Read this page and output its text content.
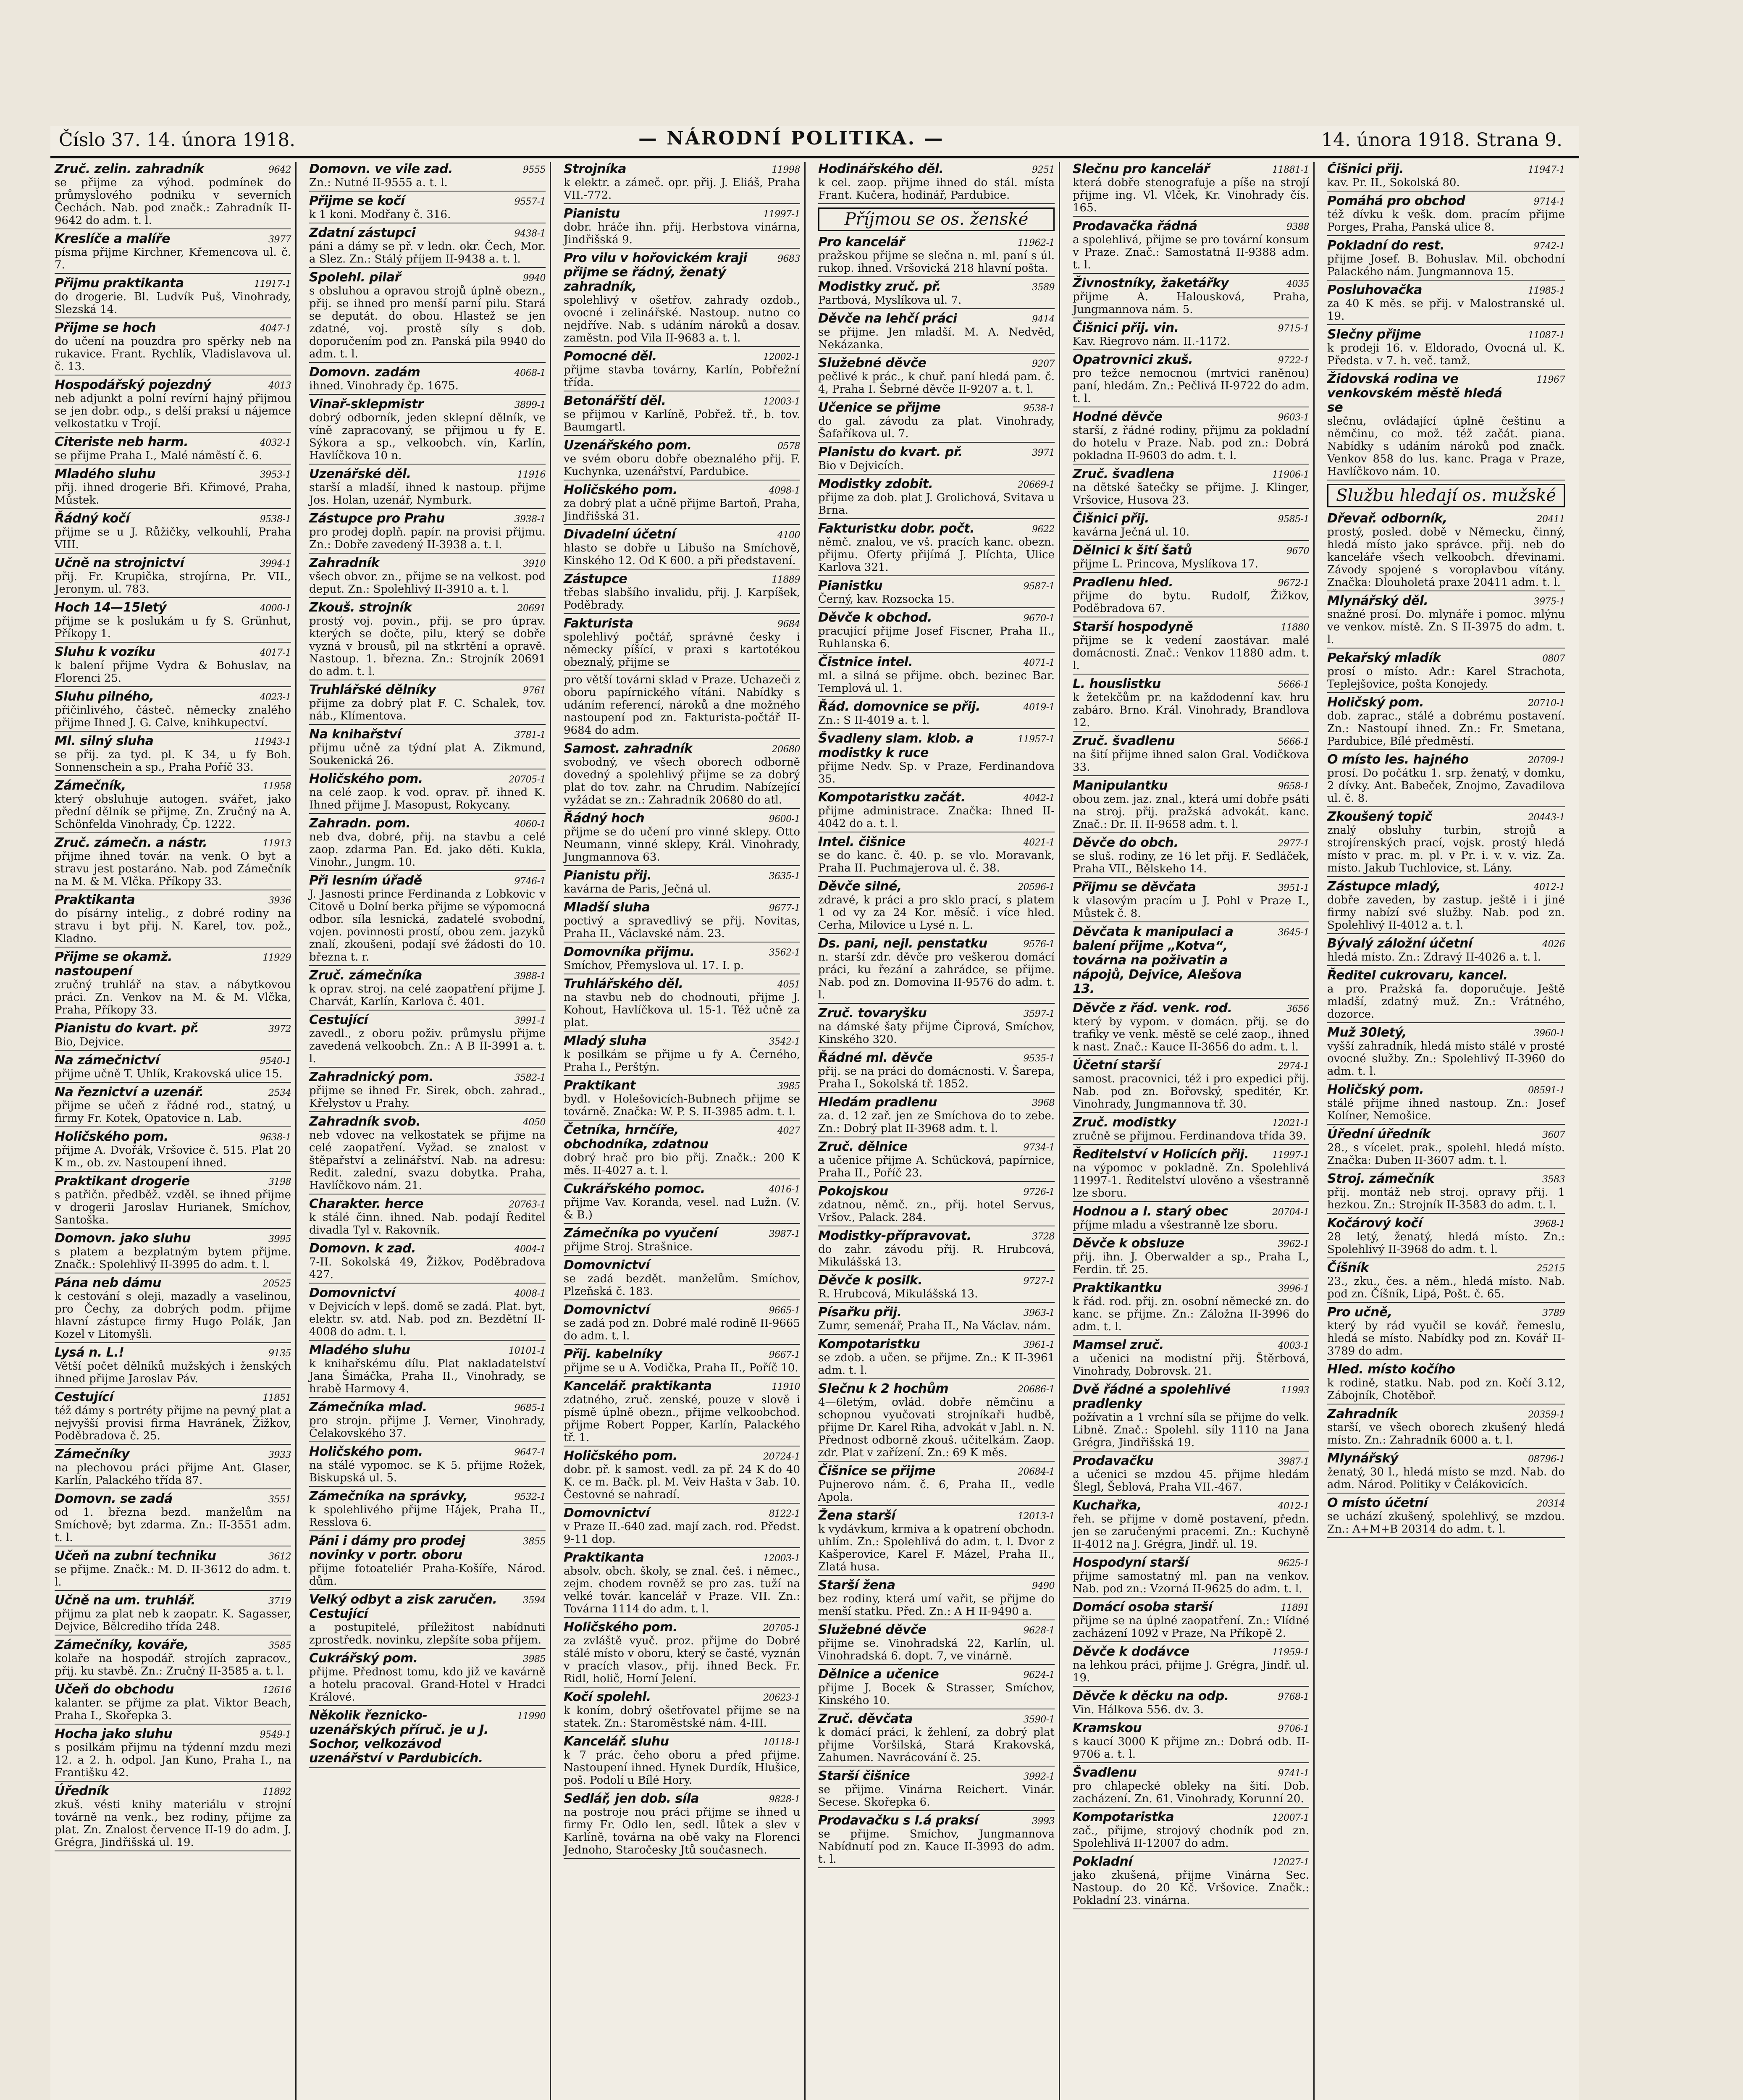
Číslo 37. 14. února 1918.	— NÁRODNÍ POLITIKA. —	14. února 1918. Strana 9.
Zruč. zelin. zahradník	9642
se přijme za výhod. podmínek do průmyslového podniku v severních Čechách. Nab. pod značk.: Zahradník II-9642 do adm. t. l.
Kreslíče a malíře	3977
písma přijme Kirchner, Křemencova ul. č. 7.
Přijmu praktikanta	11917-1
do drogerie. Bl. Ludvík Puš, Vinohrady, Slezská 14.
Přijme se hoch	4047-1
do učení na pouzdra pro spěrky neb na rukavice. Frant. Rychlík, Vladislavova ul. č. 13.
Hospodářský pojezdný	4013
neb adjunkt a polní revírní hajný přijmou se jen dobr. odp., s delší praksí u nájemce velkostatku v Trojí.
Citeriste neb harm.	4032-1
se přijme Praha I., Malé náměstí č. 6.
Mladého sluhu	3953-1
přij. ihned drogerie Bři. Křimové, Praha, Můstek.
Řádný kočí	9538-1
přijme se u J. Růžičky, velkouhlí, Praha VIII.
Učně na strojnictví	3994-1
přij. Fr. Krupička, strojírna, Pr. VII., Jeronym. ul. 783.
Hoch 14—15letý	4000-1
přijme se k poslukám u fy S. Grünhut, Příkopy 1.
Sluhu k vozíku	4017-1
k balení přijme Vydra & Bohuslav, na Florenci 25.
Sluhu pilného,	4023-1
přičinlivého, částeč. německy znalého přijme Ihned J. G. Calve, knihkupectví.
Ml. silný sluha	11943-1
se přij. za tyd. pl. K 34, u fy Boh. Sonnenschein a sp., Praha Poříč 33.
Zámečník,	11958
který obsluhuje autogen. svářet, jako přední dělník se přijme. Zn. Zručný na A. Schönfelda Vinohrady, Čp. 1222.
Zruč. zámečn. a nástr.	11913
přijme ihned továr. na venk. O byt a stravu jest postaráno. Nab. pod Zámečník na M. & M. Vlčka. Příkopy 33.
Praktikanta	3936
do písárny intelig., z dobré rodiny na stravu i byt přij. N. Karel, tov. pož., Kladno.
Přijme se okamž. nastoupení
11929
zručný truhlář na stav. a nábytkovou práci. Zn. Venkov na M. & M. Vlčka, Praha, Příkopy 33.
Pianistu do kvart. př.	3972
Bio, Dejvice.
Na zámečnictví	9540-1
přijme učně T. Uhlík, Krakovská ulice 15.
Na řeznictví a uzenář.	2534
přijme se učeň z řádné rod., statný, u firmy Fr. Kotek, Opatovice n. Lab.
Holičského pom.	9638-1
přijme A. Dvořák, Vršovice č. 515. Plat 20 K m., ob. zv. Nastoupení ihned.
Praktikant drogerie	3198
s patřičn. předběž. vzděl. se ihned přijme v drogerii Jaroslav Hurianek, Smíchov, Santoška.
Domovn. jako sluhu	3995
s platem a bezplatným bytem přijme. Značk.: Spolehlivý II-3995 do adm. t. l.
Pána neb dámu	20525
k cestování s oleji, mazadly a vaselinou, pro Čechy, za dobrých podm. přijme hlavní zástupce firmy Hugo Polák, Jan Kozel v Litomyšli.
Lysá n. L.!	9135
Větší počet dělníků mužských i ženských ihned přijme Jaroslav Páv.
Cestující	11851
též dámy s portréty přijme na pevný plat a nejvyšší provisi firma Havránek, Žižkov, Poděbradova č. 25.
Zámečníky	3933
na plechovou práci přijme Ant. Glaser, Karlín, Palackého třída 87.
Domovn. se zadá	3551
od 1. března bezd. manželům na Smíchově; byt zdarma. Zn.: II-3551 adm. t. l.
Učeň na zubní techniku	3612
se přijme. Značk.: M. D. II-3612 do adm. t. l.
Učně na um. truhlář.	3719
přijmu za plat neb k zaopatr. K. Sagasser, Dejvice, Bělcrediho třída 248.
Zámečníky, kováře,	3585
kolaře na hospodář. strojích zapracov., přij. ku stavbě. Zn.: Zručný II-3585 a. t. l.
Učeň do obchodu	12616
kalanter. se přijme za plat. Viktor Beach, Praha I., Skořepka 3.
Hocha jako sluhu	9549-1
s posilkám přijmu na týdenní mzdu mezi 12. a 2. h. odpol. Jan Kuno, Praha I., na Františku 42.
Úředník	11892
zkuš. vésti knihy materiálu v strojní továrně na venk., bez rodiny, přijme za plat. Zn. Znalost července II-19 do adm. J. Grégra, Jindřišská ul. 19.
Domovn. ve vile zad.	9555
Zn.: Nutné II-9555 a. t. l.
Přijme se kočí	9557-1
k 1 koni. Modřany č. 316.
Zdatní zástupci	9438-1
páni a dámy se př. v ledn. okr. Čech, Mor. a Slez. Zn.: Stálý příjem II-9438 a. t. l.
Spolehl. pilař	9940
s obsluhou a opravou strojů úplně obezn., přij. se ihned pro menší parní pilu. Stará se deputát. do obou. Hlastež se jen zdatné, voj. prostě síly s dob. doporučením pod zn. Panská pila 9940 do adm. t. l.
Domovn. zadám	4068-1
ihned. Vinohrady čp. 1675.
Vinař-sklepmistr	3899-1
dobrý odborník, jeden sklepní dělník, ve víně zapracovaný, se přijmou u fy E. Sýkora a sp., velkoobch. vín, Karlín, Havlíčkova 10 n.
Uzenářské děl.	11916
starší a mladší, ihned k nastoup. přijme Jos. Holan, uzenář, Nymburk.
Zástupce pro Prahu	3938-1
pro prodej doplň. papír. na provisi přijmu. Zn.: Dobře zavedený II-3938 a. t. l.
Zahradník	3910
všech obvor. zn., přijme se na velkost. pod deput. Zn.: Spolehlivý II-3910 a. t. l.
Zkouš. strojník	20691
prostý voj. povin., přij. se pro úprav. kterých se dočte, pilu, který se dobře vyzná v brousů, pil na stkrtění a opravě. Nastoup. 1. března. Zn.: Strojník 20691 do adm. t. l.
Truhlářské dělníky	9761
přijme za dobrý plat F. C. Schalek, tov. náb., Klímentova.
Na knihařství	3781-1
přijmu učně za týdní plat A. Zikmund, Soukenická 26.
Holičského pom.	20705-1
na celé zaop. k vod. oprav. př. ihned K. Ihned přijme J. Masopust, Rokycany.
Zahradn. pom.	4060-1
neb dva, dobré, přij. na stavbu a celé zaop. zdarma Pan. Ed. jako děti. Kukla, Vinohr., Jungm. 10.
Při lesním úřadě	9746-1
J. Jasnosti prince Ferdinanda z Lobkovic v Citově u Dolní berka přijme se výpomocná odbor. síla lesnická, zadatelé svobodní, vojen. povinnosti prostí, obou zem. jazyků znalí, zkoušeni, podají své žádosti do 10. března t. r.
Zruč. zámečníka	3988-1
k oprav. stroj. na celé zaopatření přijme J. Charvát, Karlín, Karlova č. 401.
Cestující	3991-1
zavedl., z oboru poživ. průmyslu přijme zavedená velkoobch. Zn.: A B II-3991 a. t. l.
Zahradnický pom.	3582-1
přijme se ihned Fr. Sirek, obch. zahrad., Křelystov u Prahy.
Zahradník svob.	4050
neb vdovec na velkostatek se přijme na celé zaopatření. Vyžad. se znalost v štěpařství a zelinářství. Nab. na adresu: Redit. zalední, svazu dobytka. Praha, Havlíčkovo nám. 21.
Charakter. herce	20763-1
k stálé činn. ihned. Nab. podají Ředitel divadla Tyl v. Rakovník.
Domovn. k zad.	4004-1
7-II. Sokolská 49, Žižkov, Poděbradova 427.
Domovnictví	4008-1
v Dejvicích v lepš. domě se zadá. Plat. byt, elektr. sv. atd. Nab. pod zn. Bezdětní II-4008 do adm. t. l.
Mladého sluhu	10101-1
k knihařskému dílu. Plat nakladatelství Jana Šimáčka, Praha II., Vinohrady, se hrabě Harmovy 4.
Zámečníka mlad.	9685-1
pro strojn. přijme J. Verner, Vinohrady, Čelakovského 37.
Holičského pom.	9647-1
na stálé vypomoc. se K 5. přijme Rožek, Biskupská ul. 5.
Zámečníka na správky,	9532-1
k spolehlivého přijme Hájek, Praha II., Resslova 6.
Páni i dámy pro prodej novinky v portr. oboru
3855
přijme fotoateliér Praha-Košíře, Národ. dům.
Velký odbyt a zisk zaručen. Cestující
3594
a postupitelé, příležitost nabídnuti zprostředk. novinku, zlepšíte soba příjem.
Cukrářský pom.	3985
přijme. Přednost tomu, kdo již ve kavárně a hotelu pracoval. Grand-Hotel v Hradci Králové.
Několik řeznicko-uzenářských příruč. je u J. Sochor, velkozávod uzenářství v Pardubicích.
11990
Strojníka	11998
k elektr. a zámeč. opr. přij. J. Eliáš, Praha VII.-772.
Pianistu	11997-1
dobr. hráče ihn. přij. Herbstova vinárna, Jindřišská 9.
Pro vilu v hořovickém kraji přijme se řádný, ženatý zahradník,
9683
spolehlivý v ošetřov. zahrady ozdob., ovocné i zelinářské. Nastoup. nutno co nejdříve. Nab. s udáním nároků a dosav. zaměstn. pod Vila II-9683 a. t. l.
Pomocné děl.	12002-1
přijme stavba továrny, Karlín, Pobřežní třída.
Betonářští děl.	12003-1
se přijmou v Karlíně, Pobřež. tř., b. tov. Baumgartl.
Uzenářského pom.	0578
ve svém oboru dobře obeznalého přij. F. Kuchynka, uzenářství, Pardubice.
Holičského pom.	4098-1
za dobrý plat a učně přijme Bartoň, Praha, Jindřišská 31.
Divadelní účetní	4100
hlasto se dobře u Libušo na Smíchově, Kinského 12. Od K 600. a při představení.
Zástupce	11889
třebas slabšího invalidu, přij. J. Karpíšek, Poděbrady.
Fakturista	9684
spolehlivý počtář, správné česky i německy píšící, v praxi s kartotékou obeznalý, přijme se
pro větší továrni sklad v Praze. Uchazeči z oboru papírnického vítáni. Nabídky s udáním referencí, nároků a dne možného nastoupení pod zn. Fakturista-počtář II-9684 do adm.
Samost. zahradník	20680
svobodný, ve všech oborech odborně dovedný a spolehlivý přijme se za dobrý plat do tov. zahr. na Chrudim. Nabízející vyžádat se zn.: Zahradník 20680 do atl.
Řádný hoch	9600-1
přijme se do učení pro vinné sklepy. Otto Neumann, vinné sklepy, Král. Vinohrady, Jungmannova 63.
Pianistu přij.	3635-1
kavárna de Paris, Ječná ul.
Mladší sluha	9677-1
poctivý a spravedlivý se přij. Novitas, Praha II., Václavské nám. 23.
Domovníka přijmu.	3562-1
Smíchov, Přemyslova ul. 17. I. p.
Truhlářského děl.	4051
na stavbu neb do chodnouti, přijme J. Kohout, Havlíčkova ul. 15-1. Též učně za plat.
Mladý sluha	3542-1
k posilkám se přijme u fy A. Černého, Praha I., Perštýn.
Praktikant	3985
bydl. v Holešovicích-Bubnech přijme se továrně. Značka: W. P. S. II-3985 adm. t. l.
Četníka, hrnčíře, obchodníka, zdatnou
4027
dobrý hrač pro bio přij. Značk.: 200 K měs. II-4027 a. t. l.
Cukrářského pomoc.	4016-1
přijme Vav. Koranda, vesel. nad Lužn. (V. & B.)
Zámečníka po vyučení	3987-1
přijme Stroj. Strašnice.
Domovnictví
se zadá bezdět. manželům. Smíchov, Plzeňská č. 183.
Domovnictví	9665-1
se zadá pod zn. Dobré malé rodině II-9665 do adm. t. l.
Přij. kabelníky	9667-1
přijme se u A. Vodička, Praha II., Poříč 10.
Kancelář. praktikanta	11910
zdatného, zruč. zenské, pouze v slově i písmě úplně obezn., přijme velkoobchod. přijme Robert Popper, Karlín, Palackého tř. 1.
Holičského pom.	20724-1
dobr. př. k samost. vedl. za př. 24 K do 40 K. ce m. Bačk. pl. M. Veiv Hašta v 3ab. 10. Čestovné se nahradí.
Domovnictví	8122-1
v Praze II.-640 zad. mají zach. rod. Předst. 9-11 dop.
Praktikanta	12003-1
absolv. obch. školy, se znal. češ. i němec., zejm. chodem rovněž se pro zas. tuží na velké továr. kancelář v Praze. VII. Zn.: Továrna 1114 do adm. t. l.
Holičského pom.	20705-1
za zvláště vyuč. proz. přijme do Dobré stálé místo v oboru, který se časté, vyznán v pracích vlasov., přij. ihned Beck. Fr. Ridl, holič, Horní Jelení.
Kočí spolehl.	20623-1
k koním, dobrý ošetřovatel přijme se na statek. Zn.: Staroměstské nám. 4-III.
Kancelář. sluhu	10118-1
k 7 prác. čeho oboru a před přijme. Nastoupení ihned. Hynek Durdík, Hlušice, poš. Podolí u Bílé Hory.
Sedlář, jen dob. síla	9828-1
na postroje nou práci přijme se ihned u firmy Fr. Odlo len, sedl. lůtek a slev v Karlíně, továrna na obě vaky na Florenci Jednoho, Staročesky Jtů současnech.
Hodinářského děl.	9251
k cel. zaop. přijme ihned do stál. místa Frant. Kučera, hodinář, Pardubice.
Příjmou se os. ženské
Pro kancelář	11962-1
pražskou přijme se slečna n. ml. paní s úl. rukop. ihned. Vršovická 218 hlavní pošta.
Modistky zruč. př.	3589
Partbová, Myslíkova ul. 7.
Děvče na lehčí práci	9414
se přijme. Jen mladší. M. A. Nedvěd, Nekázanka.
Služebné děvče	9207
pečlivé k prác., k chuř. paní hledá pam. č. 4, Praha I. Šebrné děvče II-9207 a. t. l.
Učenice se přijme	9538-1
do gal. závodu za plat. Vinohrady, Šafaříkova ul. 7.
Planistu do kvart. př.	3971
Bio v Dejvicích.
Modistky zdobit.	20669-1
přijme za dob. plat J. Grolichová, Svitava u Brna.
Fakturistku dobr. počt.	9622
němč. znalou, ve vš. pracích kanc. obezn. přijmu. Oferty přijímá J. Plíchta, Ulice Karlova 321.
Pianistku	9587-1
Černý, kav. Rozsocka 15.
Děvče k obchod.	9670-1
pracující přijme Josef Fiscner, Praha II., Ruhlanska 6.
Čistnice intel.	4071-1
ml. a silná se přijme. obch. bezinec Bar. Templová ul. 1.
Řád. domovnice se přij.	4019-1
Zn.: S II-4019 a. t. l.
Švadleny slam. klob. a modistky k ruce
11957-1
přijme Nedv. Sp. v Praze, Ferdinandova 35.
Kompotaristku začát.	4042-1
přijme administrace. Značka: Ihned II-4042 do a. t. l.
Intel. čišnice	4021-1
se do kanc. č. 40. p. se vlo. Moravank, Praha II. Puchmajerova ul. č. 38.
Děvče silné,	20596-1
zdravé, k práci a pro sklo prací, s platem 1 od vy za 24 Kor. měsíč. i více hled. Cerha, Milovice u Lysé n. L.
Ds. pani, nejl. penstatku	9576-1
n. starší zdr. děvče pro veškerou domácí práci, ku řezání a zahrádce, se přijme. Nab. pod zn. Domovina II-9576 do adm. t. l.
Zruč. tovaryšku	3597-1
na dámské šaty přijme Čiprová, Smíchov, Kinského 320.
Řádné ml. děvče	9535-1
přij. se na práci do domácnosti. V. Šarepa, Praha I., Sokolská tř. 1852.
Hledám pradlenu	3968
za. d. 12 zař. jen ze Smíchova do to zebe. Zn.: Dobrý plat II-3968 adm. t. l.
Zruč. dělnice	9734-1
a učenice přijme A. Schücková, papírnice, Praha II., Poříč 23.
Pokojskou	9726-1
zdatnou, němč. zn., přij. hotel Servus, Vršov., Palack. 284.
Modistky-přípravovat.	3728
do zahr. závodu přij. R. Hrubcová, Mikulášská 13.
Děvče k posilk.	9727-1
R. Hrubcová, Mikulášská 13.
Písařku přij.	3963-1
Zumr, semenář, Praha II., Na Václav. nám.
Kompotaristku	3961-1
se zdob. a učen. se přijme. Zn.: K II-3961 adm. t. l.
Slečnu k 2 hochům	20686-1
4—6letým, ovlád. dobře němčinu a schopnou vyučovati strojníkaři hudbě, přijme Dr. Karel Riha, advokát v Jabl. n. N. Přednost odborně zkouš. učitelkám. Zaop. zdr. Plat v zařízení. Zn.: 69 K měs.
Čišnice se přijme	20684-1
Pujnerovo nám. č. 6, Praha II., vedle Apola.
Žena starší	12013-1
k vydávkum, krmiva a k opatrení obchodn. uhlím. Zn.: Spolehlivá do adm. t. l. Dvor z Kašperovice, Karel F. Mázel, Praha II., Zlatá husa.
Starší žena	9490
bez rodiny, která umí vařit, se přijme do menší statku. Před. Zn.: A H II-9490 a.
Služebné děvče	9628-1
přijme se. Vinohradská 22, Karlín, ul. Vinohradská 6. dopt. 7, ve vinárně.
Dělnice a učenice	9624-1
přijme J. Bocek & Strasser, Smíchov, Kinského 10.
Zruč. děvčata	3590-1
k domácí práci, k žehlení, za dobrý plat přijme Voršilská, Stará Krakovská, Zahumen. Navrácování č. 25.
Starší čišnice	3992-1
se přijme. Vinárna Reichert. Vinár. Secese. Skořepka 6.
Prodavačku s l.á praksí	3993
se přijme. Smíchov, Jungmannova Nabídnutí pod zn. Kauce II-3993 do adm. t. l.
Slečnu pro kancelář	11881-1
která dobře stenografuje a píše na strojí přijme ing. Vl. Vlček, Kr. Vinohrady čís. 165.
Prodavačka řádná	9388
a spolehlivá, přijme se pro tovární konsum v Praze. Znač.: Samostatná II-9388 adm. t. l.
Živnostníky, žaketářky	4035
přijme A. Halousková, Praha, Jungmannova nám. 5.
Čišnici přij. vin.	9715-1
Kav. Riegrovo nám. II.-1172.
Opatrovnici zkuš.	9722-1
pro težce nemocnou (mrtvici raněnou) paní, hledám. Zn.: Pečlivá II-9722 do adm. t. l.
Hodné děvče	9603-1
starší, z řádné rodiny, přijmu za pokladní do hotelu v Praze. Nab. pod zn.: Dobrá pokladna II-9603 do adm. t. l.
Zruč. švadlena	11906-1
na dětské šatečky se přijme. J. Klinger, Vršovice, Husova 23.
Čišnici přij.	9585-1
kavárna Ječná ul. 10.
Dělnici k šití šatů	9670
přijme L. Princova, Myslíkova 17.
Pradlenu hled.	9672-1
přijme do bytu. Rudolf, Žižkov, Poděbradova 67.
Starší hospodyně	11880
přijme se k vedení zaostávar. malé domácnosti. Znač.: Venkov 11880 adm. t. l.
L. houslistku	5666-1
k žetekčům pr. na každodenní kav. hru zabáro. Brno. Král. Vinohrady, Brandlova 12.
Zruč. švadlenu	5666-1
na šití přijme ihned salon Gral. Vodičkova 33.
Manipulantku	9658-1
obou zem. jaz. znal., která umí dobře psáti na stroj. přij. pražská advokát. kanc. Znač.: Dr. II. II-9658 adm. t. l.
Děvče do obch.	2977-1
se sluš. rodiny, ze 16 let přij. F. Sedláček, Praha VII., Bělskeho 14.
Přijmu se děvčata	3951-1
k vlasovým pracím u J. Pohl v Praze I., Můstek č. 8.
Děvčata k manipulaci a balení přijme „Kotva“, továrna na poživatin a nápojů, Dejvice, Alešova 13.
3645-1
Děvče z řád. venk. rod.	3656
který by vypom. v domácn. přij. se do trafiky ve venk. městě se celé zaop., ihned k nast. Znač.: Kauce II-3656 do adm. t. l.
Účetní starší	2974-1
samost. pracovnici, též i pro expedici přij. Nab. pod zn. Bořovský, speditér, Kr. Vinohrady, Jungmannova tř. 30.
Zruč. modistky	12021-1
zručně se přijmou. Ferdinandova třída 39.
Ředitelství v Holicích přij.	11997-1
na výpomoc v pokladně. Zn. Spolehlivá 11997-1. Ředitelství ulověno a všestranně lze sboru.
Hodnou a l. starý obec	20704-1
příjme mladu a všestranně lze sboru.
Děvče k obsluze	3962-1
přij. ihn. J. Oberwalder a sp., Praha I., Ferdin. tř. 25.
Praktikantku	3996-1
k řád. rod. přij. zn. osobní německé zn. do kanc. se přijme. Zn.: Záložna II-3996 do adm. t. l.
Mamsel zruč.	4003-1
a učenici na modistní přij. Štěrbová, Vinohrady, Dobrovsk. 21.
Dvě řádné a spolehlivé pradlenky
11993
požívatin a 1 vrchní síla se přijme do velk. Libně. Znač.: Spolehl. síly 1110 na Jana Grégra, Jindřišská 19.
Prodavačku	3987-1
a učenici se mzdou 45. přijme hledám Šlegl, Šeblová, Praha VII.-467.
Kuchařka,	4012-1
řeh. se přijme v domě postavení, předn. jen se zaručenými pracemi. Zn.: Kuchyně II-4012 na J. Grégra, Jindř. ul. 19.
Hospodyní starší	9625-1
přijme samostatný ml. pan na venkov. Nab. pod zn.: Vzorná II-9625 do adm. t. l.
Domácí osoba starší	11891
přijme se na úplné zaopatření. Zn.: Vlídné zacházení 1092 v Praze, Na Příkopě 2.
Děvče k dodávce	11959-1
na lehkou práci, přijme J. Grégra, Jindř. ul. 19.
Děvče k děcku na odp.	9768-1
Vin. Hálkova 556. dv. 3.
Kramskou	9706-1
s kaucí 3000 K přijme zn.: Dobrá odb. II-9706 a. t. l.
Švadlenu	9741-1
pro chlapecké obleky na šití. Dob. zacházení. Zn. 61. Vinohrady, Korunní 20.
Kompotaristka	12007-1
zač., přijme, strojový chodník pod zn. Spolehlivá II-12007 do adm.
Pokladní	12027-1
jako zkušená, přijme Vinárna Sec. Nastoup. do 20 Kč. Vršovice. Značk.: Pokladní 23. vinárna.
Čišnici přij.	11947-1
kav. Pr. II., Sokolská 80.
Pomáhá pro obchod	9714-1
též dívku k vešk. dom. pracím přijme Porges, Praha, Panská ulice 8.
Pokladní do rest.	9742-1
přijme Josef. B. Bohuslav. Mil. obchodní Palackého nám. Jungmannova 15.
Posluhovačka	11985-1
za 40 K měs. se přij. v Malostranské ul. 19.
Slečny přijme	11087-1
k prodeji 16. v. Eldorado, Ovocná ul. K. Předsta. v 7. h. več. tamž.
Židovská rodina ve venkovském městě hledá se
11967
slečnu, ovládající úplně češtinu a němčinu, co mož. též začát. piana. Nabídky s udáním nároků pod značk. Venkov 858 do lus. kanc. Praga v Praze, Havlíčkovo nám. 10.
Službu hledají os. mužské
Dřevař. odborník,	20411
prostý, posled. době v Německu, činný, hledá místo jako správce. přij. neb do kanceláře všech velkoobch. dřevinami. Závody spojené s voroplavbou vítány. Značka: Dlouholetá praxe 20411 adm. t. l.
Mlynářský děl.	3975-1
snažné prosí. Do. mlynáře i pomoc. mlýnu ve venkov. místě. Zn. S II-3975 do adm. t. l.
Pekařský mladík	0807
prosí o místo. Adr.: Karel Strachota, Teplejšovice, pošta Konojedy.
Holičský pom.	20710-1
dob. zaprac., stálé a dobrému postavení. Zn.: Nastoupí ihned. Zn.: Fr. Smetana, Pardubice, Bílé předměstí.
O místo les. hajného	20709-1
prosí. Do počátku 1. srp. ženatý, v domku, 2 dívky. Ant. Babeček, Znojmo, Zavadilova ul. č. 8.
Zkoušený topič	20443-1
znalý obsluhy turbin, strojů a strojírenských prací, vojsk. prostý hledá místo v prac. m. pl. v Pr. i. v. v. viz. Za. místo. Jakub Tuchlovice, st. Lány.
Zástupce mladý,	4012-1
dobře zaveden, by zastup. ještě i i jiné firmy nabízí své služby. Nab. pod zn. Spolehlivý II-4012 a. t. l.
Bývalý záložní účetní	4026
hledá místo. Zn.: Zdravý II-4026 a. t. l.
Ředitel cukrovaru, kancel.
a pro. Pražská fa. doporučuje. Ještě mladší, zdatný muž. Zn.: Vrátného, dozorce.
Muž 30letý,	3960-1
vyšší zahradník, hledá místo stálé v prosté ovocné služby. Zn.: Spolehlivý II-3960 do adm. t. l.
Holičský pom.	08591-1
stálé přijme ihned nastoup. Zn.: Josef Kolíner, Nemošice.
Úřední úředník	3607
28., s vícelet. prak., spolehl. hledá místo. Značka: Duben II-3607 adm. t. l.
Stroj. zámečník	3583
přij. montáž neb stroj. opravy přij. 1 hezkou. Zn.: Strojník II-3583 do adm. t. l.
Kočárový kočí	3968-1
28 letý, ženatý, hledá místo. Zn.: Spolehlivý II-3968 do adm. t. l.
Číšník	25215
23., zku., čes. a něm., hledá místo. Nab. pod zn. Číšník, Lipá, Pošt. č. 65.
Pro učně,	3789
který by rád vyučil se kovář. řemeslu, hledá se místo. Nabídky pod zn. Kovář II-3789 do adm.
Hled. místo kočího
k rodině, statku. Nab. pod zn. Kočí 3.12, Zábojník, Chotěboř.
Zahradník	20359-1
starší, ve všech oborech zkušený hledá místo. Zn.: Zahradník 6000 a. t. l.
Mlynářský	08796-1
ženatý, 30 l., hledá místo se mzd. Nab. do adm. Národ. Politiky v Čelákovicích.
O místo účetní	20314
se uchází zkušený, spolehlivý, se mzdou. Zn.: A+M+B 20314 do adm. t. l.
